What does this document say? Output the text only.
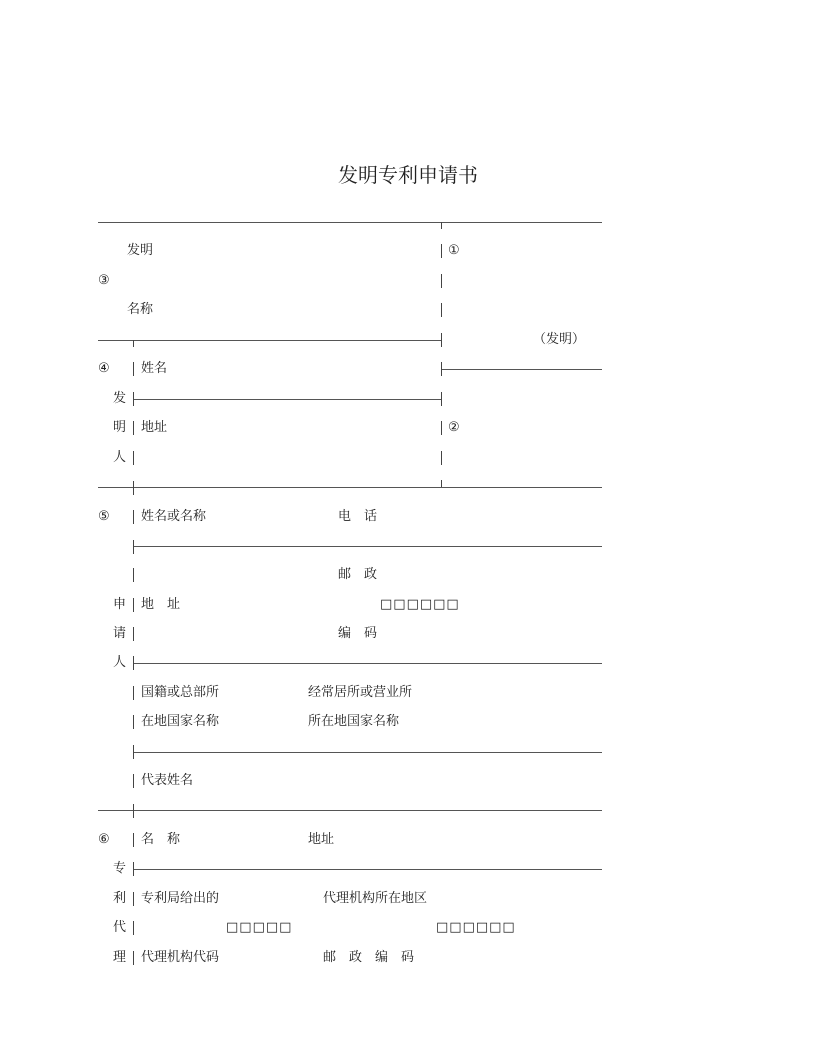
发明专利申请书
发明
③
名称
①
（发明）
②
④ 姓名
发
明 地址
人
⑤ 姓名或名称	电　话
邮　政
申 地　址	□□□□□□
请	编　码
人
国籍或总部所	经常居所或营业所
在地国家名称	所在地国家名称
代表姓名
⑥ 名　称	地址
专
利 专利局给出的	代理机构所在地区
代	□□□□□	□□□□□□
理 代理机构代码	邮　政　编　码
